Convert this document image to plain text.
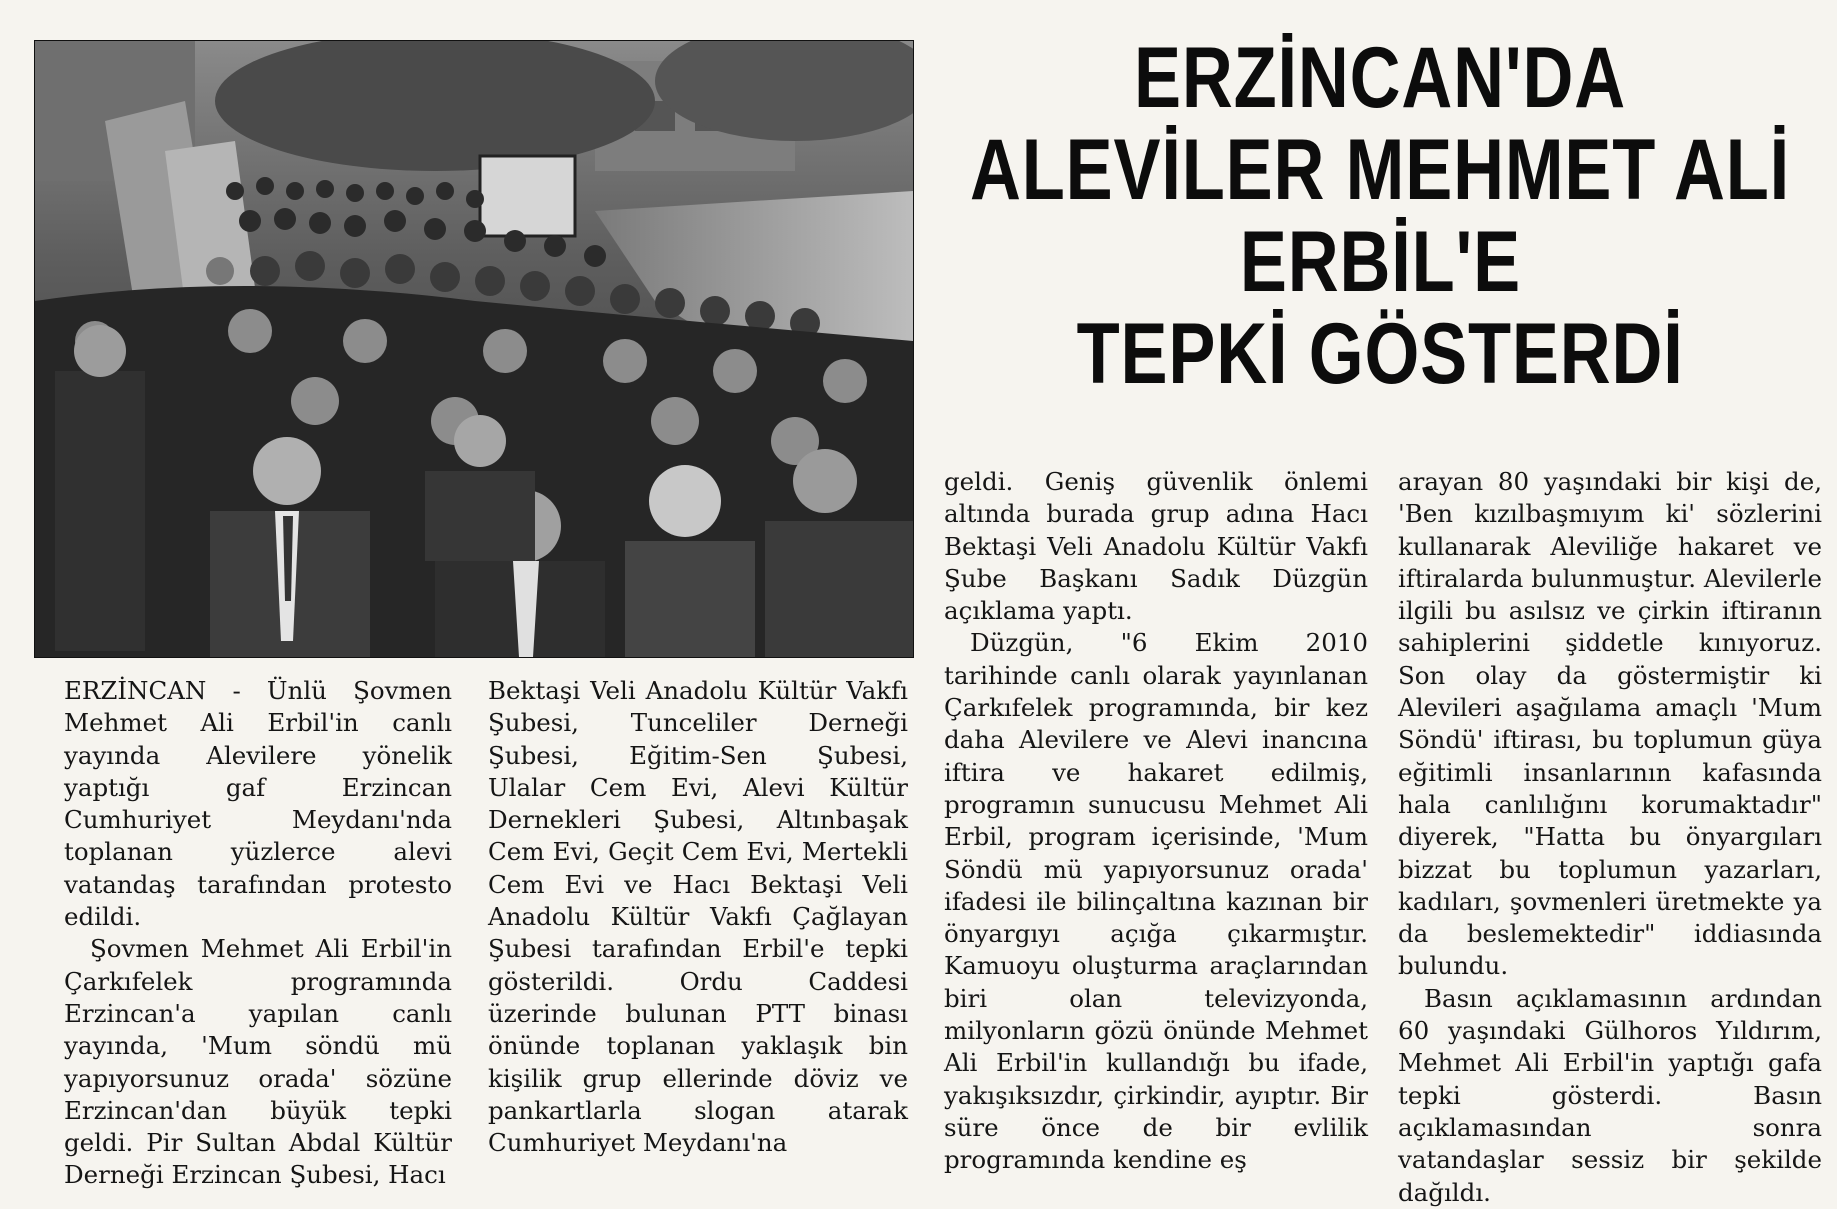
ERZİNCAN'DA
ALEVİLER MEHMET ALİ
ERBİL'E
TEPKİ GÖSTERDİ

ERZİNCAN - Ünlü Şovmen Mehmet Ali Erbil'in canlı yayında Alevilere yönelik yaptığı gaf Erzincan Cumhuriyet Meydanı'nda toplanan yüzlerce alevi vatandaş tarafından protesto edildi.

Şovmen Mehmet Ali Erbil'in Çarkıfelek programında Erzincan'a yapılan canlı yayında, 'Mum söndü mü yapıyorsunuz orada' sözüne Erzincan'dan büyük tepki geldi. Pir Sultan Abdal Kültür Derneği Erzincan Şubesi, Hacı

Bektaşi Veli Anadolu Kültür Vakfı Şubesi, Tunceliler Derneği Şubesi, Eğitim-Sen Şubesi, Ulalar Cem Evi, Alevi Kültür Dernekleri Şubesi, Altınbaşak Cem Evi, Geçit Cem Evi, Mertekli Cem Evi ve Hacı Bektaşi Veli Anadolu Kültür Vakfı Çağlayan Şubesi tarafından Erbil'e tepki gösterildi. Ordu Caddesi üzerinde bulunan PTT binası önünde toplanan yaklaşık bin kişilik grup ellerinde döviz ve pankartlarla slogan atarak Cumhuriyet Meydanı'na

geldi. Geniş güvenlik önlemi altında burada grup adına Hacı Bektaşi Veli Anadolu Kültür Vakfı Şube Başkanı Sadık Düzgün açıklama yaptı.

Düzgün, "6 Ekim 2010 tarihinde canlı olarak yayınlanan Çarkıfelek programında, bir kez daha Alevilere ve Alevi inancına iftira ve hakaret edilmiş, programın sunucusu Mehmet Ali Erbil, program içerisinde, 'Mum Söndü mü yapıyorsunuz orada' ifadesi ile bilinçaltına kazınan bir önyargıyı açığa çıkarmıştır. Kamuoyu oluşturma araçlarından biri olan televizyonda, milyonların gözü önünde Mehmet Ali Erbil'in kullandığı bu ifade, yakışıksızdır, çirkindir, ayıptır. Bir süre önce de bir evlilik programında kendine eş

arayan 80 yaşındaki bir kişi de, 'Ben kızılbaşmıyım ki' sözlerini kullanarak Aleviliğe hakaret ve iftiralarda bulunmuştur. Alevilerle ilgili bu asılsız ve çirkin iftiranın sahiplerini şiddetle kınıyoruz. Son olay da göstermiştir ki Alevileri aşağılama amaçlı 'Mum Söndü' iftirası, bu toplumun güya eğitimli insanlarının kafasında hala canlılığını korumaktadır" diyerek, "Hatta bu önyargıları bizzat bu toplumun yazarları, kadıları, şovmenleri üretmekte ya da beslemektedir" iddiasında bulundu.

Basın açıklamasının ardından 60 yaşındaki Gülhoros Yıldırım, Mehmet Ali Erbil'in yaptığı gafa tepki gösterdi. Basın açıklamasından sonra vatandaşlar sessiz bir şekilde dağıldı.
